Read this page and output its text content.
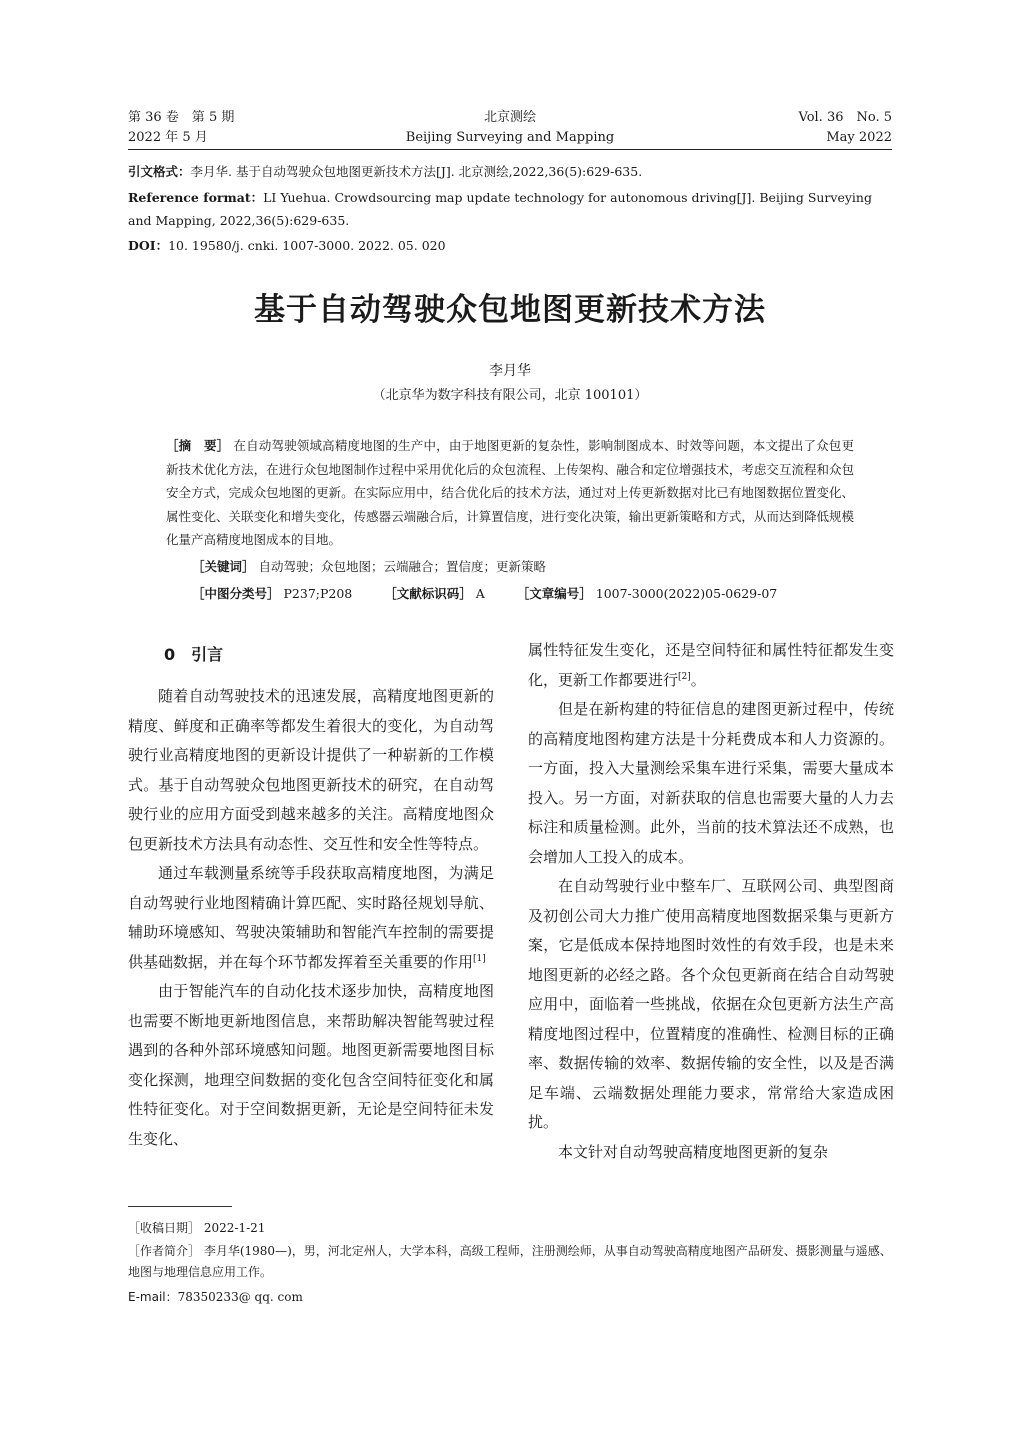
第 36 卷　第 5 期
2022 年 5 月
北京测绘
Beijing Surveying and Mapping
Vol. 36　No. 5
May 2022
引文格式：李月华. 基于自动驾驶众包地图更新技术方法[J]. 北京测绘,2022,36(5):629-635.
Reference format：LI Yuehua. Crowdsourcing map update technology for autonomous driving[J]. Beijing Surveying and Mapping, 2022,36(5):629-635.
DOI：10. 19580/j. cnki. 1007-3000. 2022. 05. 020
基于自动驾驶众包地图更新技术方法
李月华
（北京华为数字科技有限公司，北京 100101）
［摘　要］ 在自动驾驶领域高精度地图的生产中，由于地图更新的复杂性，影响制图成本、时效等问题，本文提出了众包更新技术优化方法，在进行众包地图制作过程中采用优化后的众包流程、上传架构、融合和定位增强技术，考虑交互流程和众包安全方式，完成众包地图的更新。在实际应用中，结合优化后的技术方法，通过对上传更新数据对比已有地图数据位置变化、属性变化、关联变化和增失变化，传感器云端融合后，计算置信度，进行变化决策，输出更新策略和方式，从而达到降低规模化量产高精度地图成本的目地。
［关键词］ 自动驾驶；众包地图；云端融合；置信度；更新策略
［中图分类号］ P237;P208	［文献标识码］ A	［文章编号］ 1007-3000(2022)05-0629-07
0　引言

随着自动驾驶技术的迅速发展，高精度地图更新的精度、鲜度和正确率等都发生着很大的变化，为自动驾驶行业高精度地图的更新设计提供了一种崭新的工作模式。基于自动驾驶众包地图更新技术的研究，在自动驾驶行业的应用方面受到越来越多的关注。高精度地图众包更新技术方法具有动态性、交互性和安全性等特点。

通过车载测量系统等手段获取高精度地图，为满足自动驾驶行业地图精确计算匹配、实时路径规划导航、辅助环境感知、驾驶决策辅助和智能汽车控制的需要提供基础数据，并在每个环节都发挥着至关重要的作用[1]

由于智能汽车的自动化技术逐步加快，高精度地图也需要不断地更新地图信息，来帮助解决智能驾驶过程遇到的各种外部环境感知问题。地图更新需要地图目标变化探测，地理空间数据的变化包含空间特征变化和属性特征变化。对于空间数据更新，无论是空间特征未发生变化、

属性特征发生变化，还是空间特征和属性特征都发生变化，更新工作都要进行[2]。

但是在新构建的特征信息的建图更新过程中，传统的高精度地图构建方法是十分耗费成本和人力资源的。一方面，投入大量测绘采集车进行采集，需要大量成本投入。另一方面，对新获取的信息也需要大量的人力去标注和质量检测。此外，当前的技术算法还不成熟，也会增加人工投入的成本。

在自动驾驶行业中整车厂、互联网公司、典型图商及初创公司大力推广使用高精度地图数据采集与更新方案，它是低成本保持地图时效性的有效手段，也是未来地图更新的必经之路。各个众包更新商在结合自动驾驶应用中，面临着一些挑战，依据在众包更新方法生产高精度地图过程中，位置精度的准确性、检测目标的正确率、数据传输的效率、数据传输的安全性，以及是否满足车端、云端数据处理能力要求，常常给大家造成困扰。

本文针对自动驾驶高精度地图更新的复杂

［收稿日期］ 2022-1-21
［作者简介］ 李月华(1980—)，男，河北定州人，大学本科，高级工程师，注册测绘师，从事自动驾驶高精度地图产品研发、摄影测量与遥感、地图与地理信息应用工作。
E-mail：78350233@ qq. com
